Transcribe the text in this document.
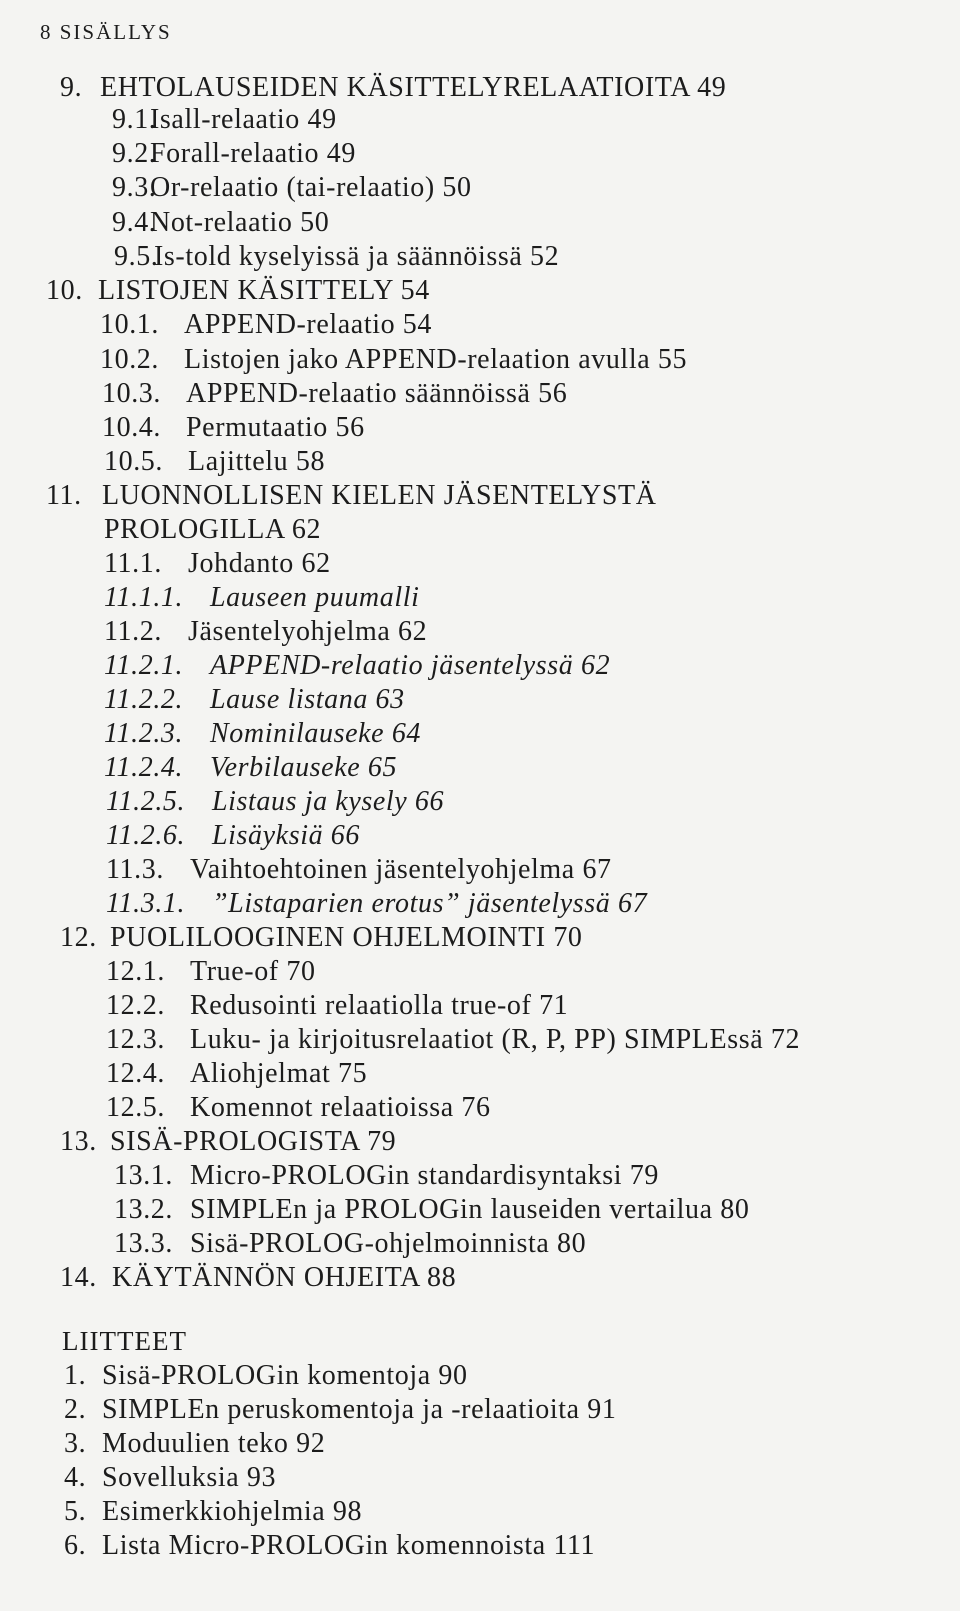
8 SISÄLLYS
9. EHTOLAUSEIDEN KÄSITTELYRELAATIOITA 49
9.1.Isall-relaatio 49
9.2.Forall-relaatio 49
9.3.Or-relaatio (tai-relaatio) 50
9.4.Not-relaatio 50
9.5.Is-told kyselyissä ja säännöissä 52
10. LISTOJEN KÄSITTELY 54
10.1. APPEND-relaatio 54
10.2. Listojen jako APPEND-relaation avulla 55
10.3. APPEND-relaatio säännöissä 56
10.4. Permutaatio 56
10.5. Lajittelu 58
11. LUONNOLLISEN KIELEN JÄSENTELYSTÄ
PROLOGILLA 62
11.1. Johdanto 62
11.1.1. Lauseen puumalli
11.2. Jäsentelyohjelma 62
11.2.1. APPEND-relaatio jäsentelyssä 62
11.2.2. Lause listana 63
11.2.3. Nominilauseke 64
11.2.4. Verbilauseke 65
11.2.5. Listaus ja kysely 66
11.2.6. Lisäyksiä 66
11.3. Vaihtoehtoinen jäsentelyohjelma 67
11.3.1. ”Listaparien erotus” jäsentelyssä 67
12. PUOLILOOGINEN OHJELMOINTI 70
12.1. True-of 70
12.2. Redusointi relaatiolla true-of 71
12.3. Luku- ja kirjoitusrelaatiot (R, P, PP) SIMPLEssä 72
12.4. Aliohjelmat 75
12.5. Komennot relaatioissa 76
13. SISÄ-PROLOGISTA 79
13.1. Micro-PROLOGin standardisyntaksi 79
13.2. SIMPLEn ja PROLOGin lauseiden vertailua 80
13.3. Sisä-PROLOG-ohjelmoinnista 80
14. KÄYTÄNNÖN OHJEITA 88
LIITTEET
1. Sisä-PROLOGin komentoja 90
2. SIMPLEn peruskomentoja ja -relaatioita 91
3. Moduulien teko 92
4. Sovelluksia 93
5. Esimerkkiohjelmia 98
6. Lista Micro-PROLOGin komennoista 111
